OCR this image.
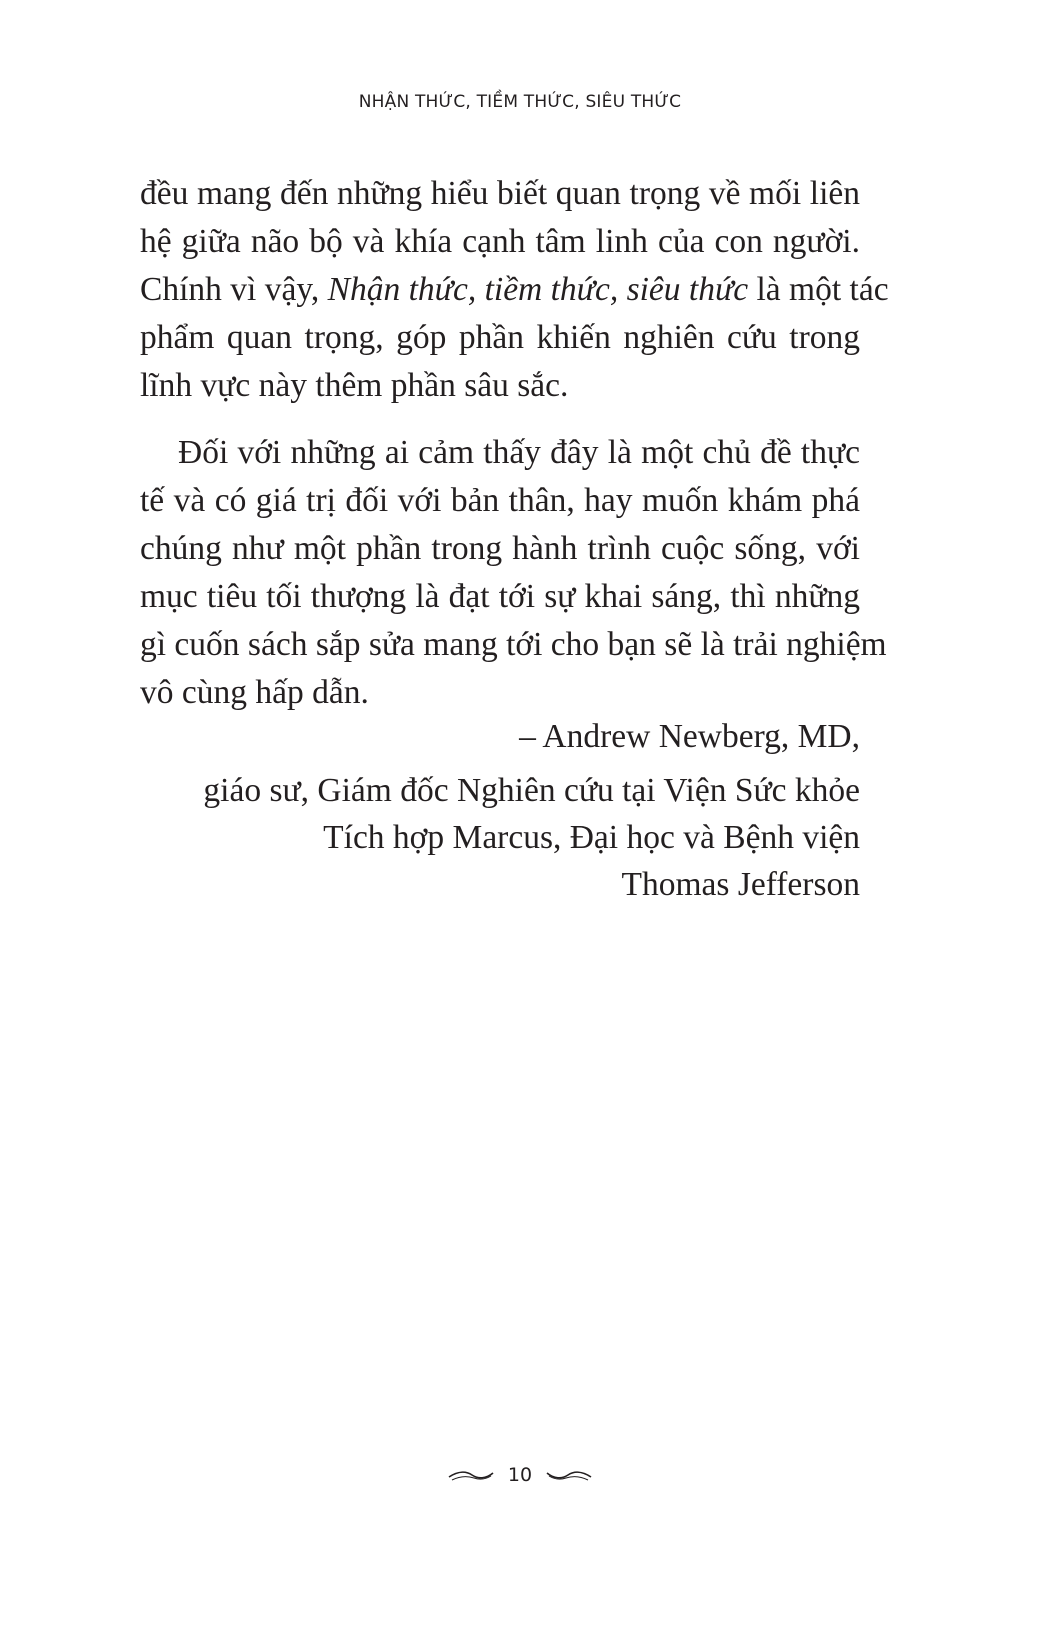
NHẬN THỨC, TIỀM THỨC, SIÊU THỨC

đều mang đến những hiểu biết quan trọng về mối liên
hệ giữa não bộ và khía cạnh tâm linh của con người.
Chính vì vậy, Nhận thức, tiềm thức, siêu thức là một tác
phẩm quan trọng, góp phần khiến nghiên cứu trong
lĩnh vực này thêm phần sâu sắc.

Đối với những ai cảm thấy đây là một chủ đề thực
tế và có giá trị đối với bản thân, hay muốn khám phá
chúng như một phần trong hành trình cuộc sống, với
mục tiêu tối thượng là đạt tới sự khai sáng, thì những
gì cuốn sách sắp sửa mang tới cho bạn sẽ là trải nghiệm
vô cùng hấp dẫn.

– Andrew Newberg, MD,
giáo sư, Giám đốc Nghiên cứu tại Viện Sức khỏe
Tích hợp Marcus, Đại học và Bệnh viện
Thomas Jefferson
10
